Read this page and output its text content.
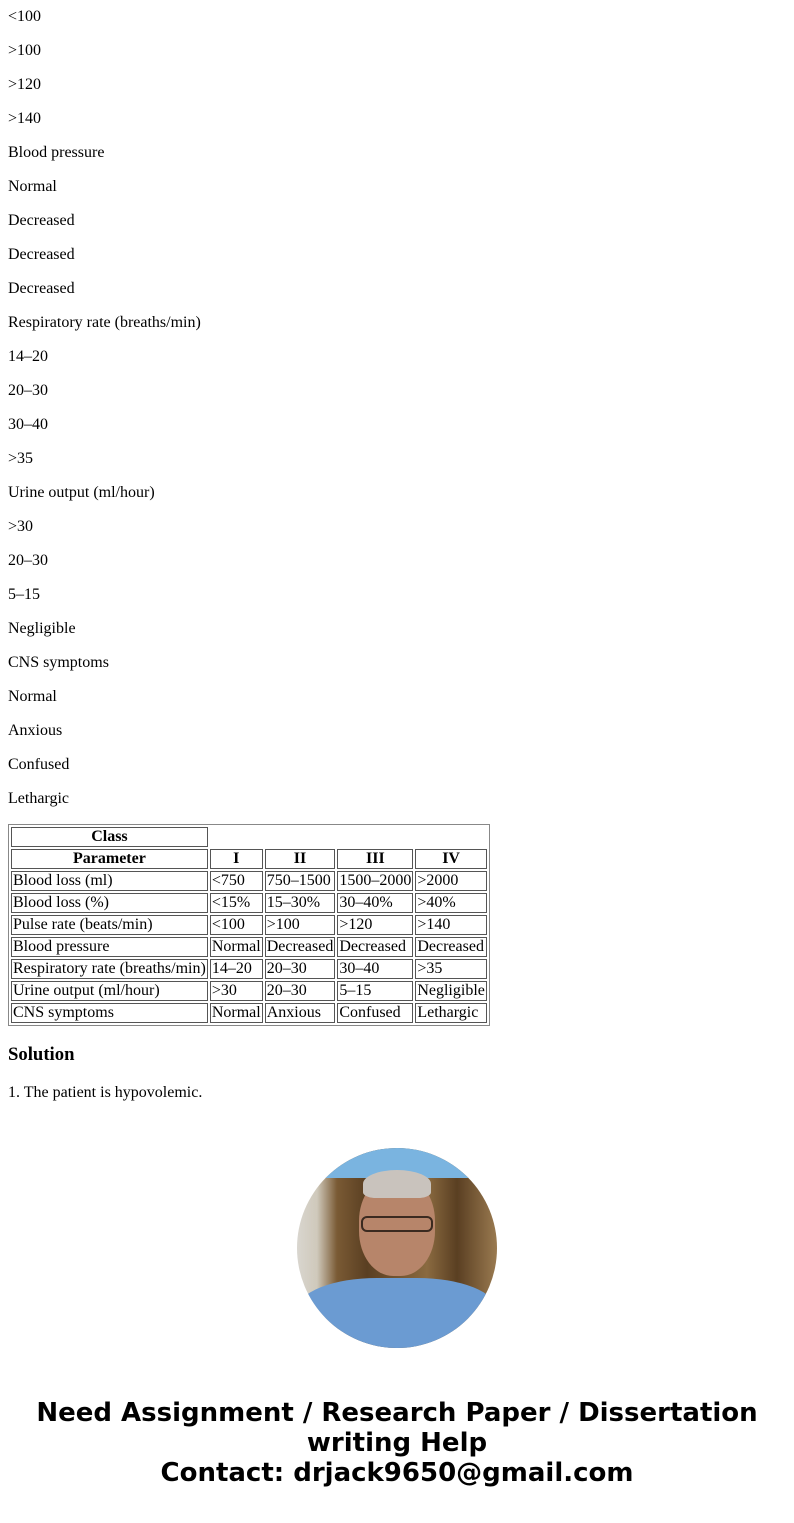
<100

>100

>120

>140

Blood pressure

Normal

Decreased

Decreased

Decreased

Respiratory rate (breaths/min)

14–20

20–30

30–40

>35

Urine output (ml/hour)

>30

20–30

5–15

Negligible

CNS symptoms

Normal

Anxious

Confused

Lethargic

Class				
Parameter	I	II	III	IV
Blood loss (ml)	<750	750–1500	1500–2000	>2000
Blood loss (%)	<15%	15–30%	30–40%	>40%
Pulse rate (beats/min)	<100	>100	>120	>140
Blood pressure	Normal	Decreased	Decreased	Decreased
Respiratory rate (breaths/min)	14–20	20–30	30–40	>35
Urine output (ml/hour)	>30	20–30	5–15	Negligible
CNS symptoms	Normal	Anxious	Confused	Lethargic
Solution

1. The patient is hypovolemic.

Need Assignment / Research Paper / Dissertation writing Help
Contact: drjack9650@gmail.com
